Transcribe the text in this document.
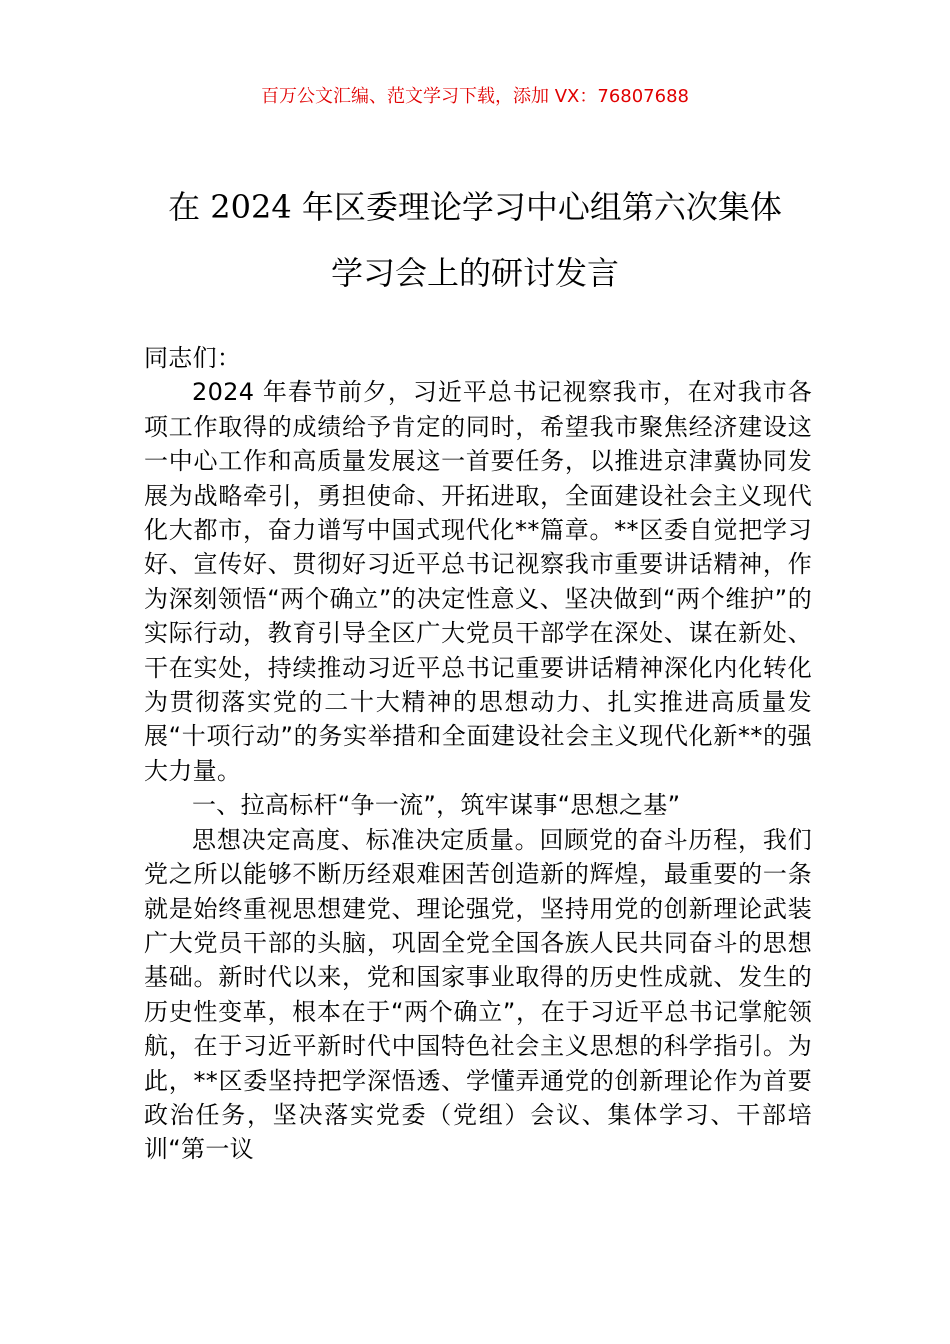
百万公文汇编、范文学习下载，添加 VX：76807688
在 2024 年区委理论学习中心组第六次集体
学习会上的研讨发言

同志们：

2024 年春节前夕，习近平总书记视察我市，在对我市各项工作取得的成绩给予肯定的同时，希望我市聚焦经济建设这一中心工作和高质量发展这一首要任务，以推进京津冀协同发展为战略牵引，勇担使命、开拓进取，全面建设社会主义现代化大都市，奋力谱写中国式现代化**篇章。**区委自觉把学习好、宣传好、贯彻好习近平总书记视察我市重要讲话精神，作为深刻领悟“两个确立”的决定性意义、坚决做到“两个维护”的实际行动，教育引导全区广大党员干部学在深处、谋在新处、干在实处，持续推动习近平总书记重要讲话精神深化内化转化为贯彻落实党的二十大精神的思想动力、扎实推进高质量发展“十项行动”的务实举措和全面建设社会主义现代化新**的强大力量。

一、拉高标杆“争一流”，筑牢谋事“思想之基”

思想决定高度、标准决定质量。回顾党的奋斗历程，我们党之所以能够不断历经艰难困苦创造新的辉煌，最重要的一条就是始终重视思想建党、理论强党，坚持用党的创新理论武装广大党员干部的头脑，巩固全党全国各族人民共同奋斗的思想基础。新时代以来，党和国家事业取得的历史性成就、发生的历史性变革，根本在于“两个确立”，在于习近平总书记掌舵领航，在于习近平新时代中国特色社会主义思想的科学指引。为此，**区委坚持把学深悟透、学懂弄通党的创新理论作为首要政治任务，坚决落实党委（党组）会议、集体学习、干部培训“第一议
